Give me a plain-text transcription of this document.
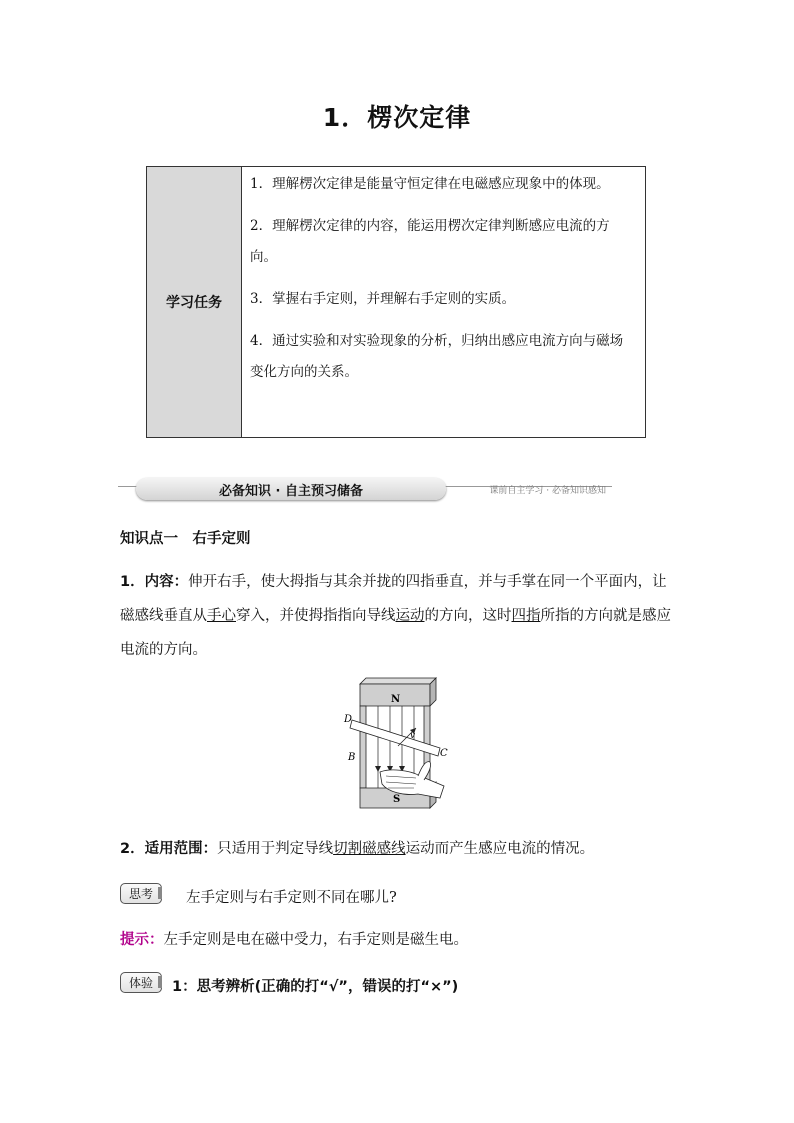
1．楞次定律
学习任务
1．理解楞次定律是能量守恒定律在电磁感应现象中的体现。
2．理解楞次定律的内容，能运用楞次定律判断感应电流的方向。
3．掌握右手定则，并理解右手定则的实质。
4．通过实验和对实验现象的分析，归纳出感应电流方向与磁场变化方向的关系。
必备知识 · 自主预习储备	课前自主学习 · 必备知识感知
知识点一　右手定则
1．内容：伸开右手，使大拇指与其余并拢的四指垂直，并与手掌在同一个平面内，让磁感线垂直从手心穿入，并使拇指指向导线运动的方向，这时四指所指的方向就是感应电流的方向。
N
S
D
B	C
v
2．适用范围：只适用于判定导线切割磁感线运动而产生感应电流的情况。
思考	左手定则与右手定则不同在哪儿?
提示：左手定则是电在磁中受力，右手定则是磁生电。
体验	1：思考辨析(正确的打“√”，错误的打“×”)
